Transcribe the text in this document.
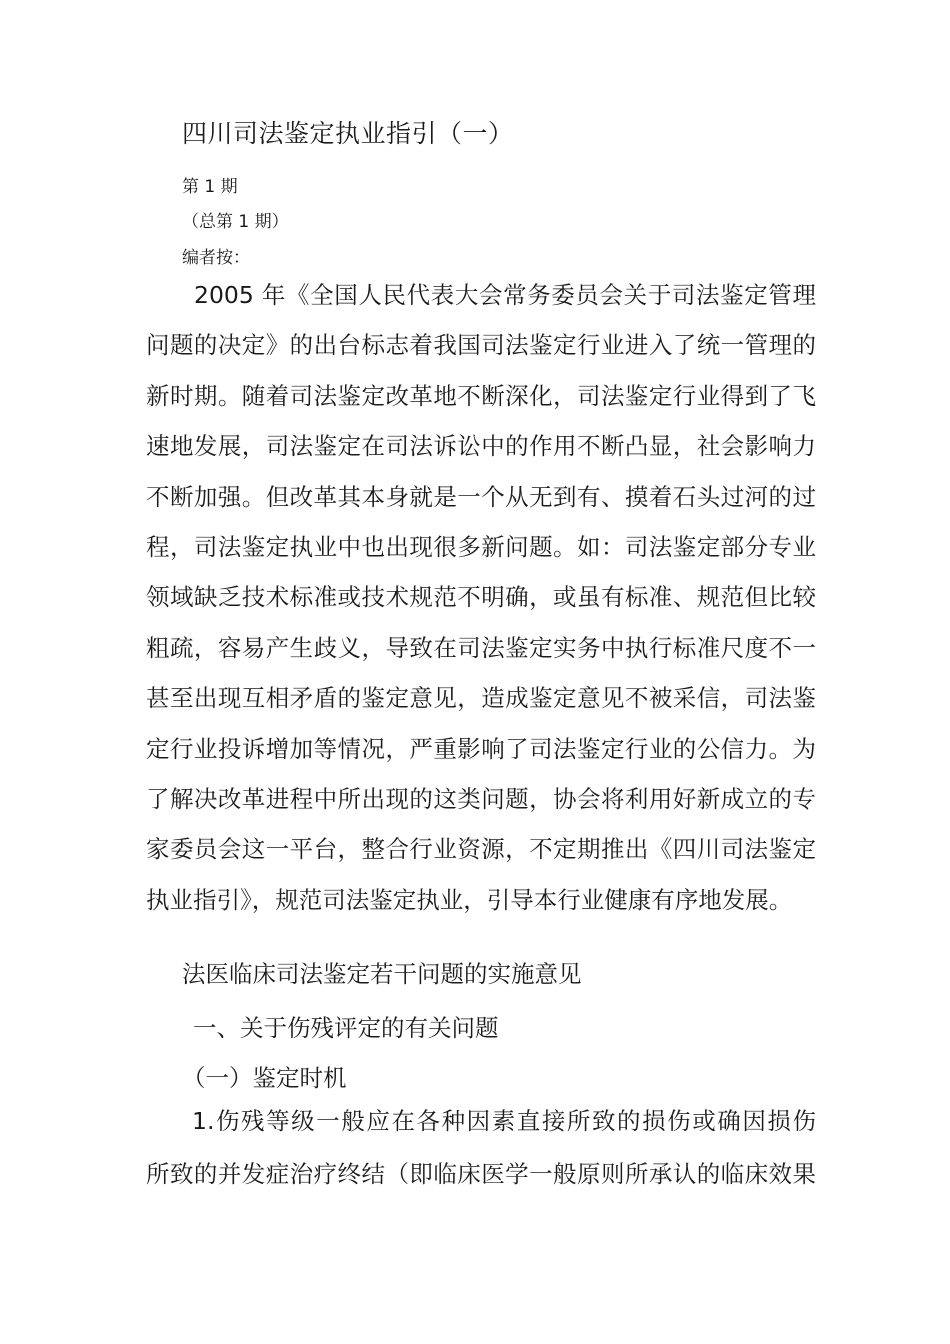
四川司法鉴定执业指引（一）
第 1 期
（总第 1 期）
编者按：
2005 年《全国人民代表大会常务委员会关于司法鉴定管理
问题的决定》的出台标志着我国司法鉴定行业进入了统一管理的
新时期。随着司法鉴定改革地不断深化，司法鉴定行业得到了飞
速地发展，司法鉴定在司法诉讼中的作用不断凸显，社会影响力
不断加强。但改革其本身就是一个从无到有、摸着石头过河的过
程，司法鉴定执业中也出现很多新问题。如：司法鉴定部分专业
领域缺乏技术标准或技术规范不明确，或虽有标准、规范但比较
粗疏，容易产生歧义，导致在司法鉴定实务中执行标准尺度不一
甚至出现互相矛盾的鉴定意见，造成鉴定意见不被采信，司法鉴
定行业投诉增加等情况，严重影响了司法鉴定行业的公信力。为
了解决改革进程中所出现的这类问题，协会将利用好新成立的专
家委员会这一平台，整合行业资源，不定期推出《四川司法鉴定
执业指引》，规范司法鉴定执业，引导本行业健康有序地发展。
法医临床司法鉴定若干问题的实施意见
一、关于伤残评定的有关问题
（一）鉴定时机
1.伤残等级一般应在各种因素直接所致的损伤或确因损伤
所致的并发症治疗终结（即临床医学一般原则所承认的临床效果
